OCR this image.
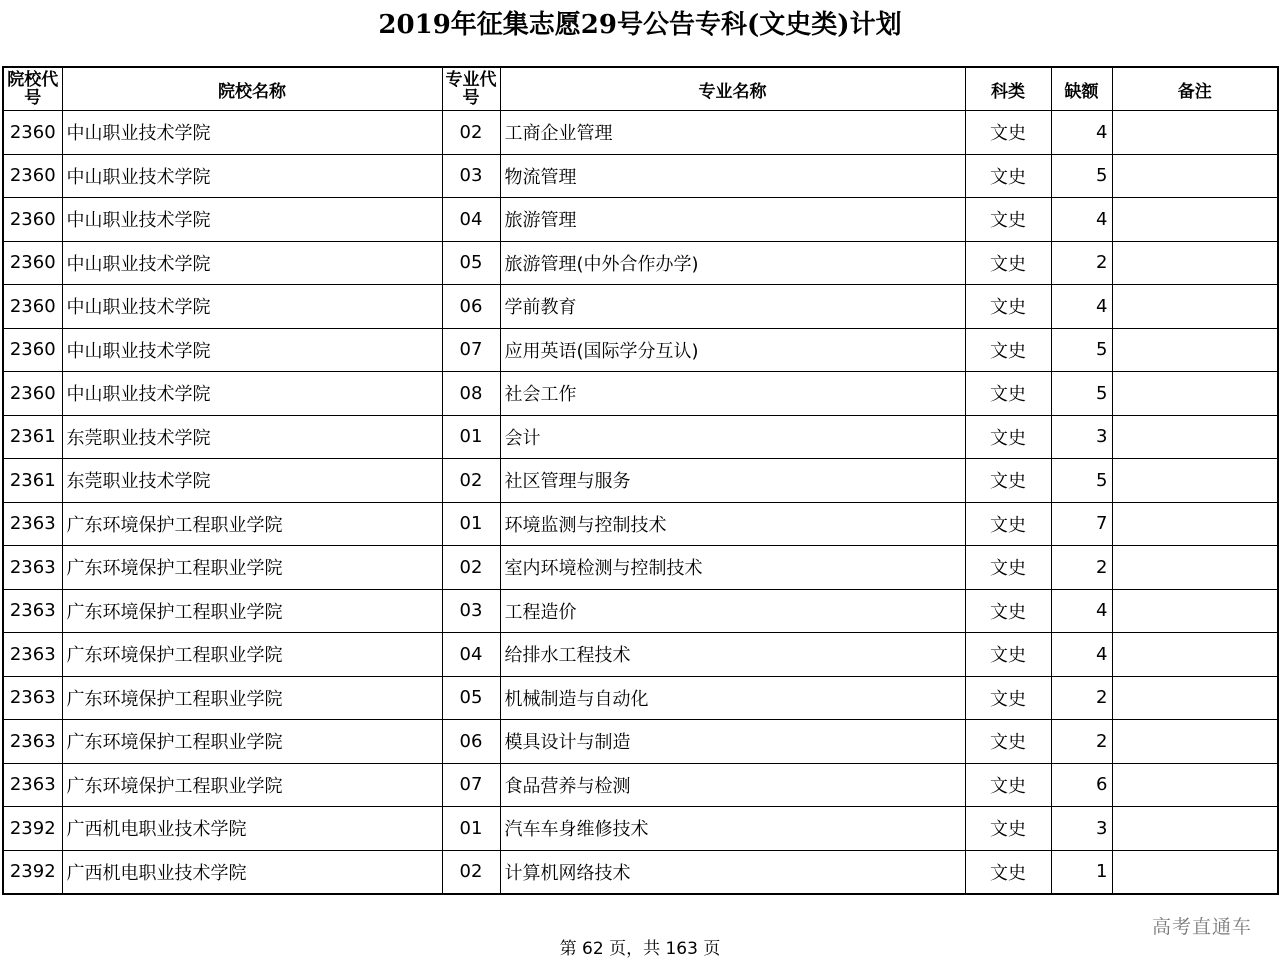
2019年征集志愿29号公告专科(文史类)计划
院校代号	院校名称	专业代号	专业名称	科类	缺额	备注
2360	中山职业技术学院	02	工商企业管理	文史	4	
2360	中山职业技术学院	03	物流管理	文史	5	
2360	中山职业技术学院	04	旅游管理	文史	4	
2360	中山职业技术学院	05	旅游管理(中外合作办学)	文史	2	
2360	中山职业技术学院	06	学前教育	文史	4	
2360	中山职业技术学院	07	应用英语(国际学分互认)	文史	5	
2360	中山职业技术学院	08	社会工作	文史	5	
2361	东莞职业技术学院	01	会计	文史	3	
2361	东莞职业技术学院	02	社区管理与服务	文史	5	
2363	广东环境保护工程职业学院	01	环境监测与控制技术	文史	7	
2363	广东环境保护工程职业学院	02	室内环境检测与控制技术	文史	2	
2363	广东环境保护工程职业学院	03	工程造价	文史	4	
2363	广东环境保护工程职业学院	04	给排水工程技术	文史	4	
2363	广东环境保护工程职业学院	05	机械制造与自动化	文史	2	
2363	广东环境保护工程职业学院	06	模具设计与制造	文史	2	
2363	广东环境保护工程职业学院	07	食品营养与检测	文史	6	
2392	广西机电职业技术学院	01	汽车车身维修技术	文史	3	
2392	广西机电职业技术学院	02	计算机网络技术	文史	1	
高考直通车
第 62 页，共 163 页
